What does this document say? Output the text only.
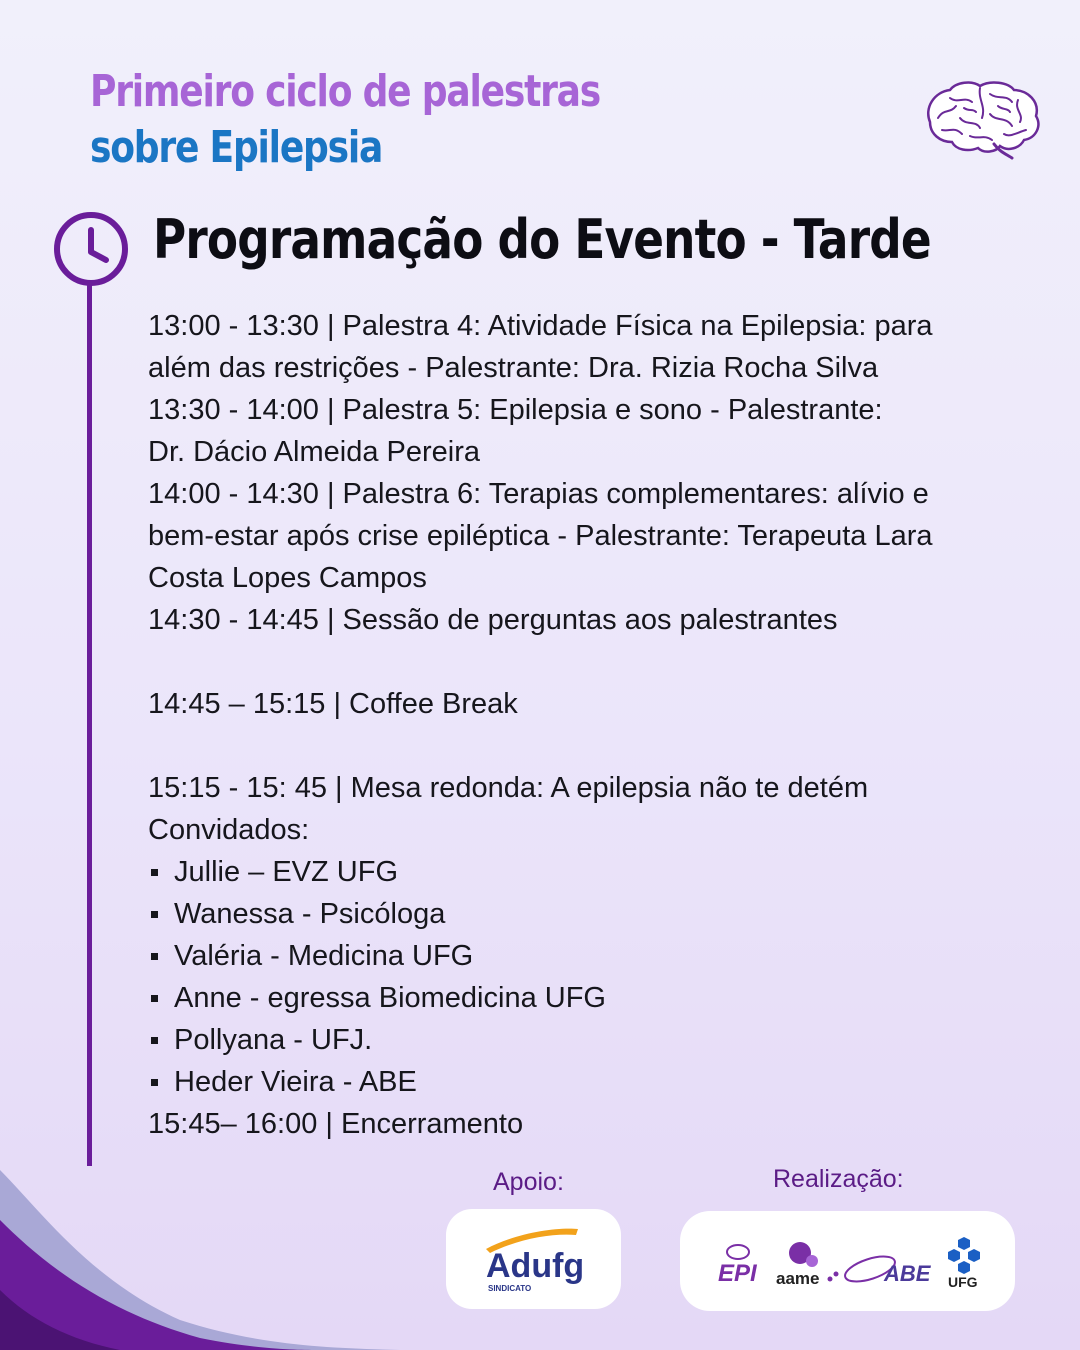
Primeiro ciclo de palestras
sobre Epilepsia
Programação do Evento - Tarde

13:00 - 13:30 | Palestra 4: Atividade Física na Epilepsia: para

além das restrições - Palestrante: Dra. Rizia Rocha Silva

13:30 - 14:00 | Palestra 5: Epilepsia e sono - Palestrante:

Dr. Dácio Almeida Pereira

14:00 - 14:30 | Palestra 6: Terapias complementares: alívio e

bem-estar após crise epiléptica - Palestrante: Terapeuta Lara

Costa Lopes Campos

14:30 - 14:45 | Sessão de perguntas aos palestrantes

14:45 – 15:15 | Coffee Break

15:15 - 15: 45 | Mesa redonda: A epilepsia não te detém

Convidados:

Jullie – EVZ UFG
Wanessa - Psicóloga
Valéria - Medicina UFG
Anne - egressa Biomedicina UFG
Pollyana - UFJ.
Heder Vieira - ABE

15:45– 16:00 | Encerramento

Apoio:	Realização:
Adufg
SINDICATO
EPI aame	ABE UFG
